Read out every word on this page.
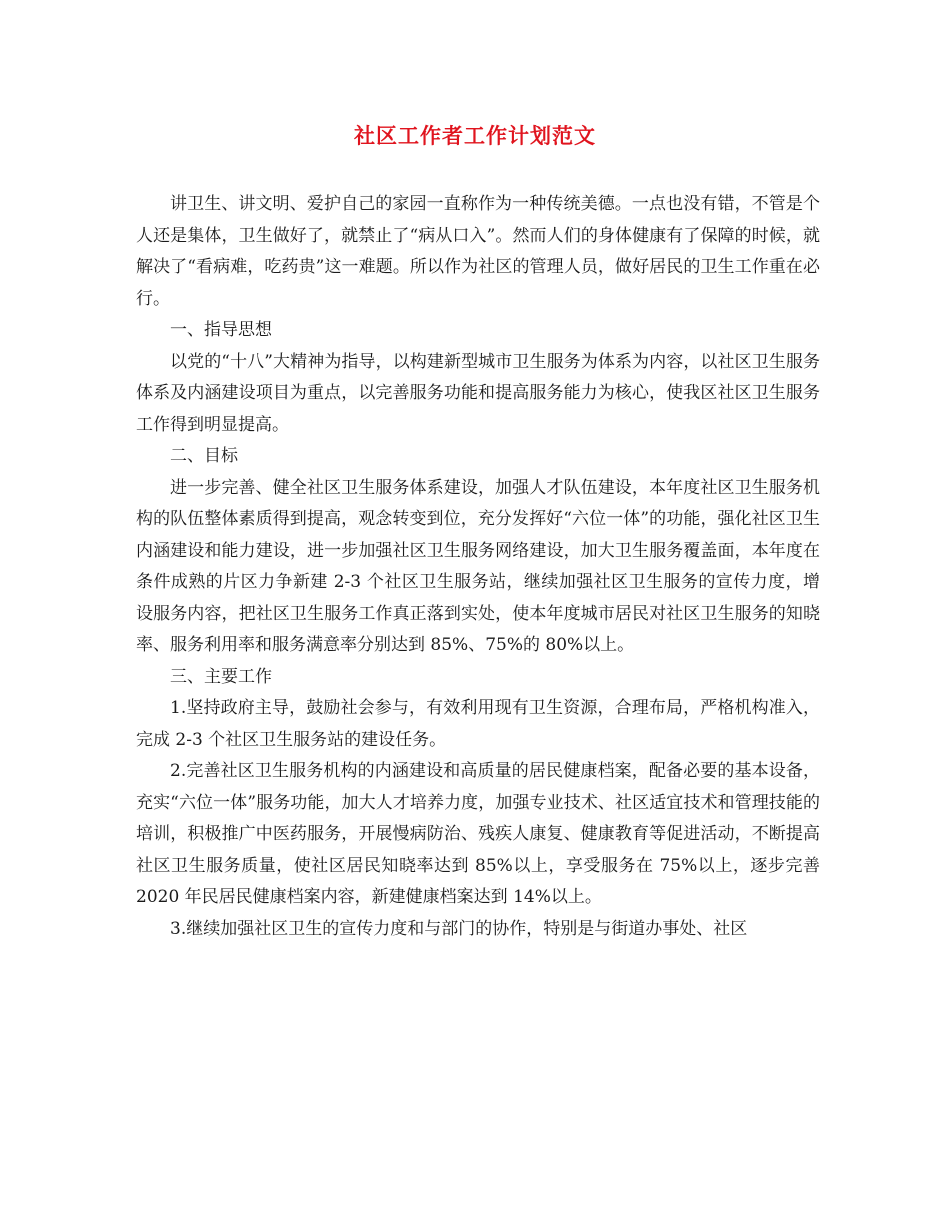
社区工作者工作计划范文

讲卫生、讲文明、爱护自己的家园一直称作为一种传统美德。一点也没有错，不管是个人还是集体，卫生做好了，就禁止了“病从口入”。然而人们的身体健康有了保障的时候，就解决了“看病难，吃药贵”这一难题。所以作为社区的管理人员，做好居民的卫生工作重在必行。

一、指导思想

以党的“十八”大精神为指导，以构建新型城市卫生服务为体系为内容，以社区卫生服务体系及内涵建设项目为重点，以完善服务功能和提高服务能力为核心，使我区社区卫生服务工作得到明显提高。

二、目标

进一步完善、健全社区卫生服务体系建设，加强人才队伍建设，本年度社区卫生服务机构的队伍整体素质得到提高，观念转变到位，充分发挥好“六位一体”的功能，强化社区卫生内涵建设和能力建设，进一步加强社区卫生服务网络建设，加大卫生服务覆盖面，本年度在条件成熟的片区力争新建 2-3 个社区卫生服务站，继续加强社区卫生服务的宣传力度，增设服务内容，把社区卫生服务工作真正落到实处，使本年度城市居民对社区卫生服务的知晓率、服务利用率和服务满意率分别达到 85%、75%的 80%以上。

三、主要工作

1.坚持政府主导，鼓励社会参与，有效利用现有卫生资源，合理布局，严格机构准入，完成 2-3 个社区卫生服务站的建设任务。

2.完善社区卫生服务机构的内涵建设和高质量的居民健康档案，配备必要的基本设备，充实“六位一体”服务功能，加大人才培养力度，加强专业技术、社区适宜技术和管理技能的培训，积极推广中医药服务，开展慢病防治、残疾人康复、健康教育等促进活动，不断提高社区卫生服务质量，使社区居民知晓率达到 85%以上，享受服务在 75%以上，逐步完善 2020 年民居民健康档案内容，新建健康档案达到 14%以上。

3.继续加强社区卫生的宣传力度和与部门的协作，特别是与街道办事处、社区
